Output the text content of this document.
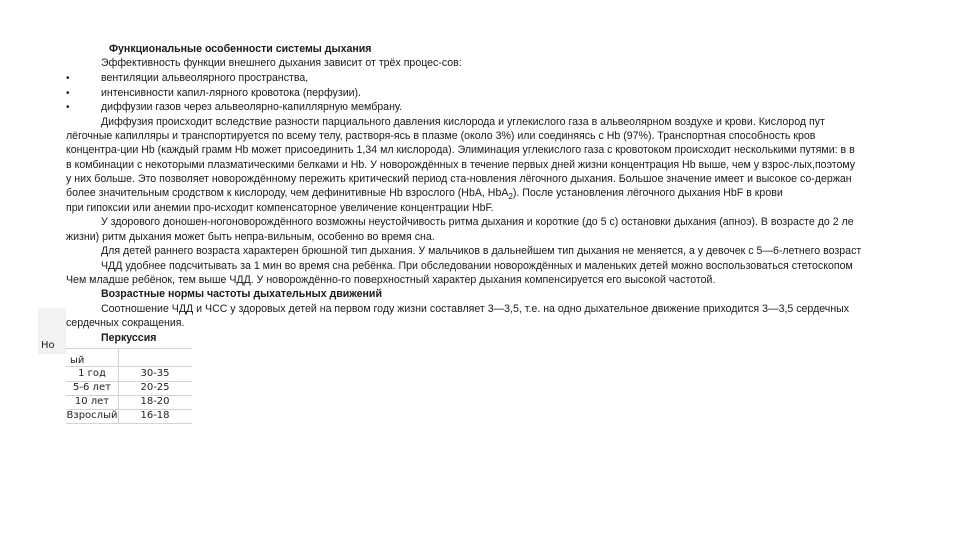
Функциональные особенности системы дыхания
Эффективность функции внешнего дыхания зависит от трёх процес-сов:
•	вентиляции альвеолярного пространства,
•	интенсивности капил-лярного кровотока (перфузии).
•	диффузии газов через альвеолярно-капиллярную мембрану.
Диффузия происходит вследствие разности парциального давления кислорода и углекислого газа в альвеолярном воздухе и крови. Кислород пут
лёгочные капилляры и транспортируется по всему телу, растворя-ясь в плазме (около 3%) или соединяясь с Hb (97%). Транспортная способность кров
концентра-ции Hb (каждый грамм Hb может присоединить 1,34 мл кислорода). Элиминация углекислого газа с кровотоком происходит несколькими путями: в в
в комбинации с некоторыми плазматическими белками и Hb. У новорождённых в течение первых дней жизни концентрация Hb выше, чем у взрос-лых,поэтому
у них больше. Это позволяет новорождённому пережить критический период ста-новления лёгочного дыхания. Большое значение имеет и высокое со-держан
более значительным сродством к кислороду, чем дефинитивные Hb взрослого (HbA, HbA$_2$). После установления лёгочного дыхания HbF в крови
при гипоксии или анемии про-исходит компенсаторное увеличение концентрации HbF.
У здорового доношен-ногоноворождённого возможны неустойчивость ритма дыхания и короткие (до 5 с) остановки дыхания (апноэ). В возрасте до 2 ле
жизни) ритм дыхания может быть непра-вильным, особенно во время сна.
Для детей раннего возраста характерен брюшной тип дыхания. У мальчиков в дальнейшем тип дыхания не меняется, а у девочек с 5—6-летнего возраст
ЧДД удобнее подсчитывать за 1 мин во время сна ребёнка. При обследовании новорождённых и маленьких детей можно воспользоваться стетоскопом
Чем младше ребёнок, тем выше ЧДД. У новорождённо-го поверхностный характер дыхания компенсируется его высокой частотой.
Возрастные нормы частоты дыхательных движений
Соотношение ЧДД и ЧСС у здоровых детей на первом году жизни составляет 3—3,5, т.е. на одно дыхательное движение приходится 3—3,5 сердечных
сердечных сокращения.
Перкуссия
Но
ый
1 год	30-35
5-6 лет	20-25
10 лет	18-20
Взрослый	16-18
